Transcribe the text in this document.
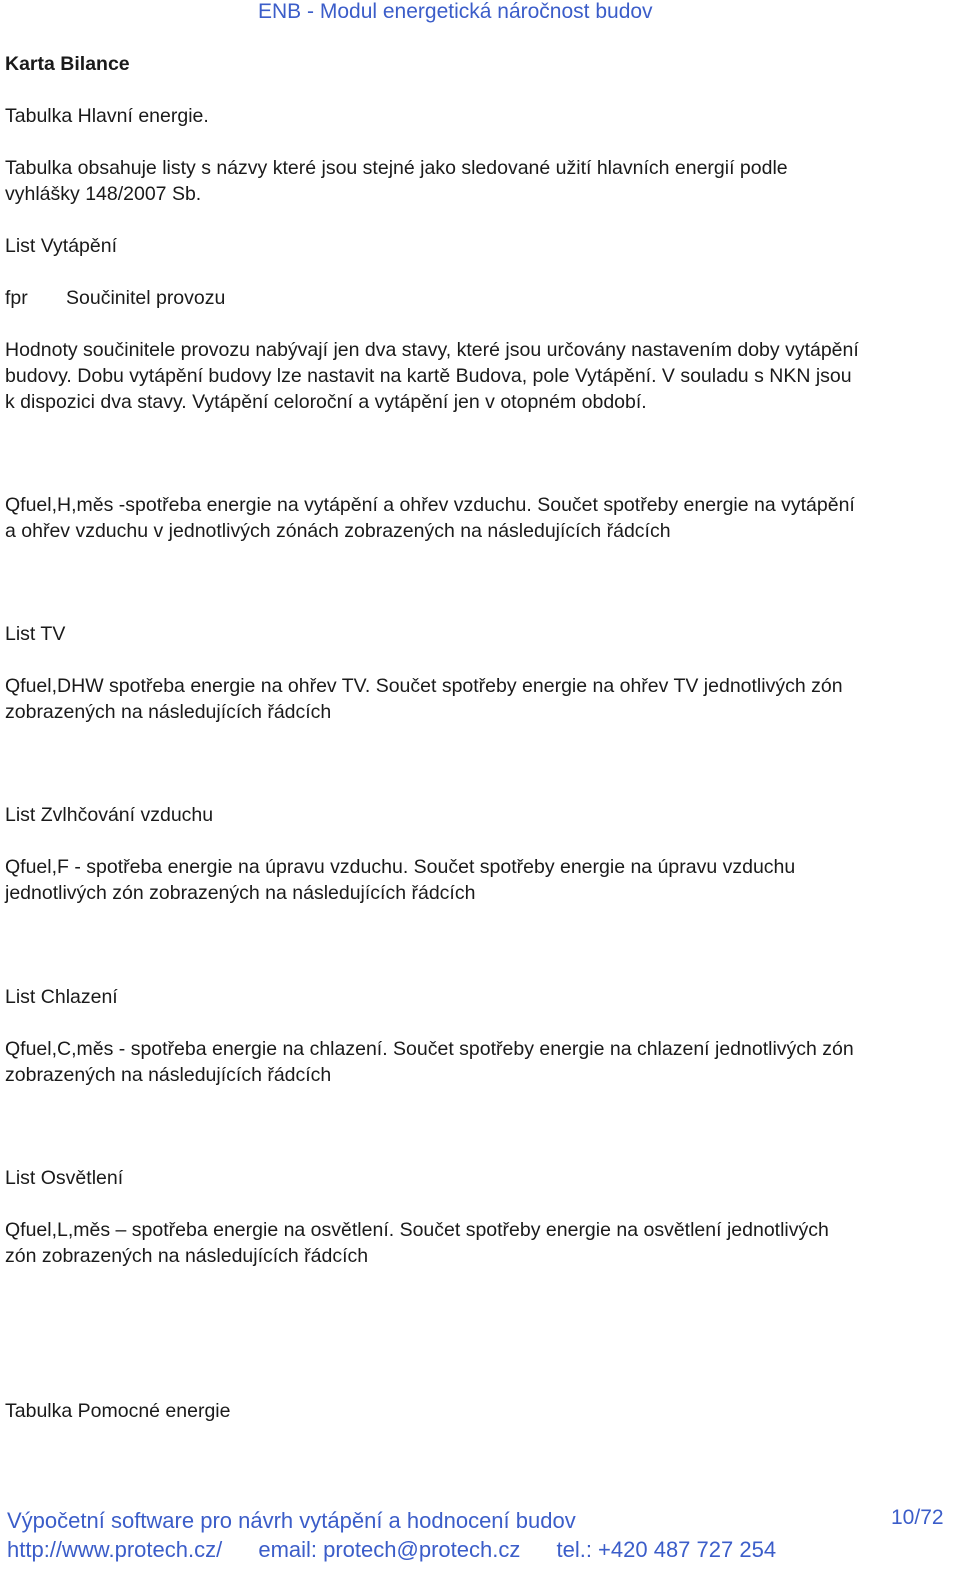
ENB - Modul energetická náročnost budov
Karta Bilance
Tabulka Hlavní energie.
Tabulka obsahuje listy s názvy které jsou stejné jako sledované užití hlavních energií podle
vyhlášky 148/2007 Sb.
List Vytápění
fpr Součinitel provozu
Hodnoty součinitele provozu nabývají jen dva stavy, které jsou určovány nastavením doby vytápění
budovy. Dobu vytápění budovy lze nastavit na kartě Budova, pole Vytápění. V souladu s NKN jsou
k dispozici dva stavy. Vytápění celoroční a vytápění jen v otopném období.
Qfuel,H,měs -spotřeba energie na vytápění a ohřev vzduchu. Součet spotřeby energie na vytápění
a ohřev vzduchu v jednotlivých zónách zobrazených na následujících řádcích
List TV
Qfuel,DHW spotřeba energie na ohřev TV. Součet spotřeby energie na ohřev TV jednotlivých zón
zobrazených na následujících řádcích
List Zvlhčování vzduchu
Qfuel,F - spotřeba energie na úpravu vzduchu. Součet spotřeby energie na úpravu vzduchu
jednotlivých zón zobrazených na následujících řádcích
List Chlazení
Qfuel,C,měs - spotřeba energie na chlazení. Součet spotřeby energie na chlazení jednotlivých zón
zobrazených na následujících řádcích
List Osvětlení
Qfuel,L,měs – spotřeba energie na osvětlení. Součet spotřeby energie na osvětlení jednotlivých
zón zobrazených na následujících řádcích
Tabulka Pomocné energie
Výpočetní software pro návrh vytápění a hodnocení budov
http://www.protech.cz/ email: protech@protech.cz tel.: +420 487 727 254
10/72
